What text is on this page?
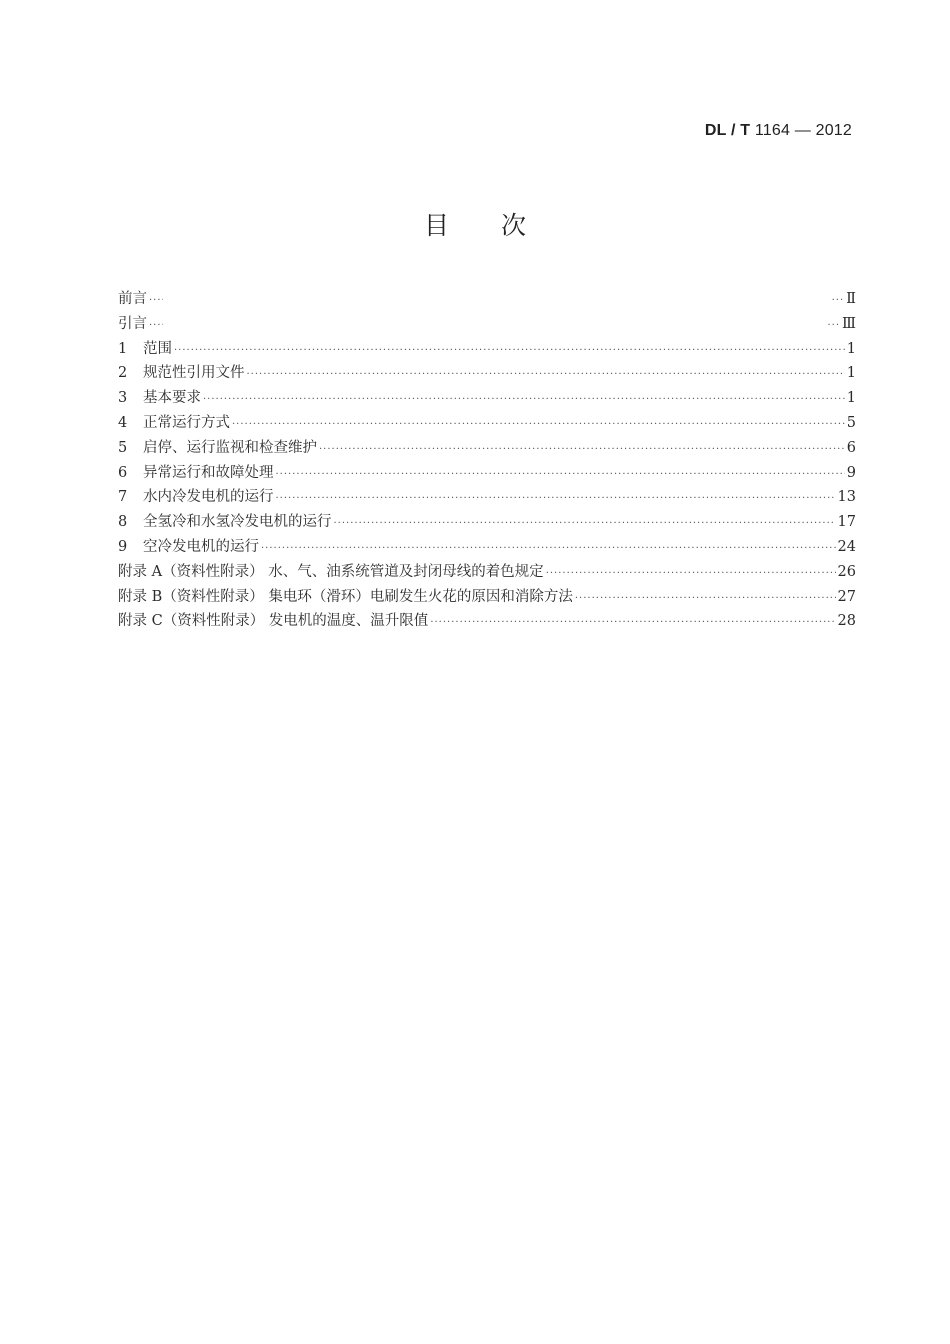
DL / T 1164 — 2012
目 次
前言 ·····	··· Ⅱ
引言 ·····	··· Ⅲ
1	范围 ·····	1
2	规范性引用文件 ·····	1
3	基本要求 ·····	1
4	正常运行方式 ·····	5
5	启停、运行监视和检查维护 ·····	6
6	异常运行和故障处理 ·····	9
7	水内冷发电机的运行 ·····	13
8	全氢冷和水氢冷发电机的运行 ·····	17
9	空冷发电机的运行 ·····	24
附录 A（资料性附录） 水、气、油系统管道及封闭母线的着色规定 ·····	26
附录 B（资料性附录） 集电环（滑环）电刷发生火花的原因和消除方法 ·····	27
附录 C（资料性附录） 发电机的温度、温升限值 ·····	28
